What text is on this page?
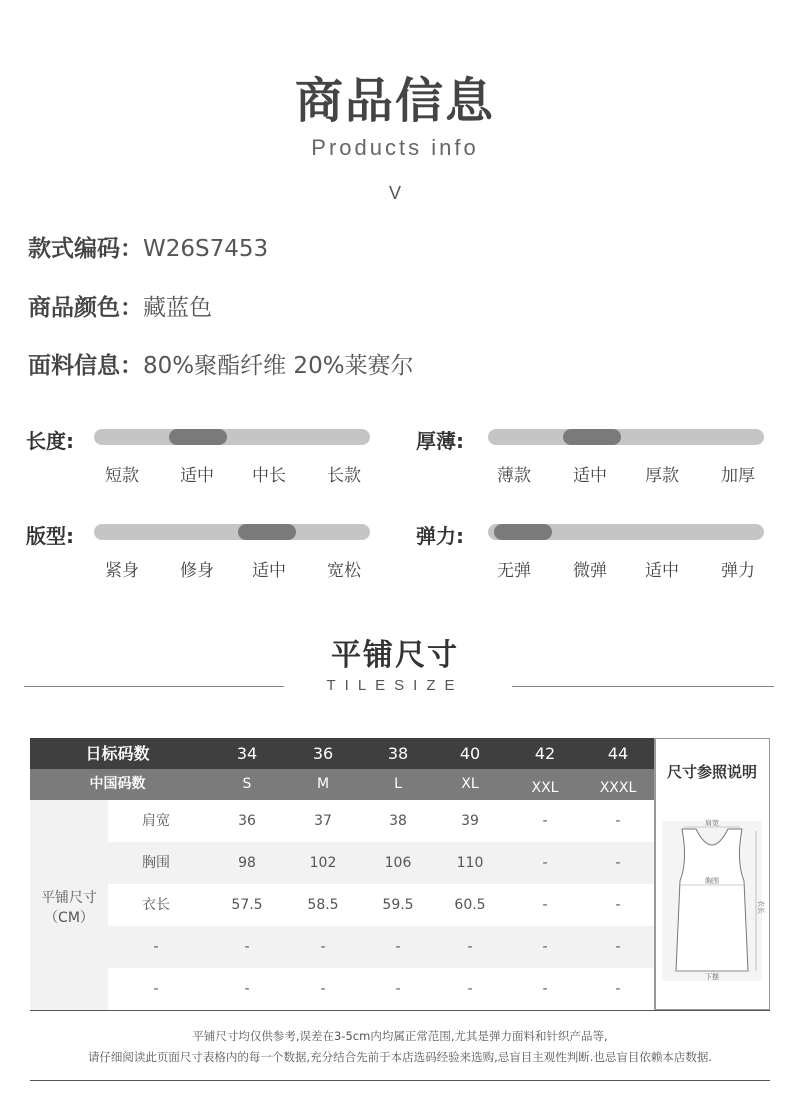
商品信息
Products info
V
款式编码：W26S7453
商品颜色：藏蓝色
面料信息：80%聚酯纤维 20%莱赛尔
长度:
短款	适中	中长	长款
厚薄:
薄款	适中	厚款	加厚
版型:
紧身	修身	适中	宽松
弹力:
无弹	微弹	适中	弹力
平铺尺寸
TILESIZE
日标码数	34	36	38	40	42	44
中国码数	S	M	L	XL	XXL	XXXL
尺寸参照说明
肩宽
胸围
下摆
衣长
平铺尺寸
（CM）
肩宽	36	37	38	39	-	-
胸围	98	102	106	110	-	-
衣长	57.5	58.5	59.5	60.5	-	-
-	-	-	-	-	-	-
-	-	-	-	-	-	-
平铺尺寸均仅供参考,误差在3-5cm内均属正常范围,尤其是弹力面料和针织产品等,
请仔细阅读此页面尺寸表格内的每一个数据,充分结合先前于本店选码经验来选购,忌盲目主观性判断.也忌盲目依赖本店数据.
